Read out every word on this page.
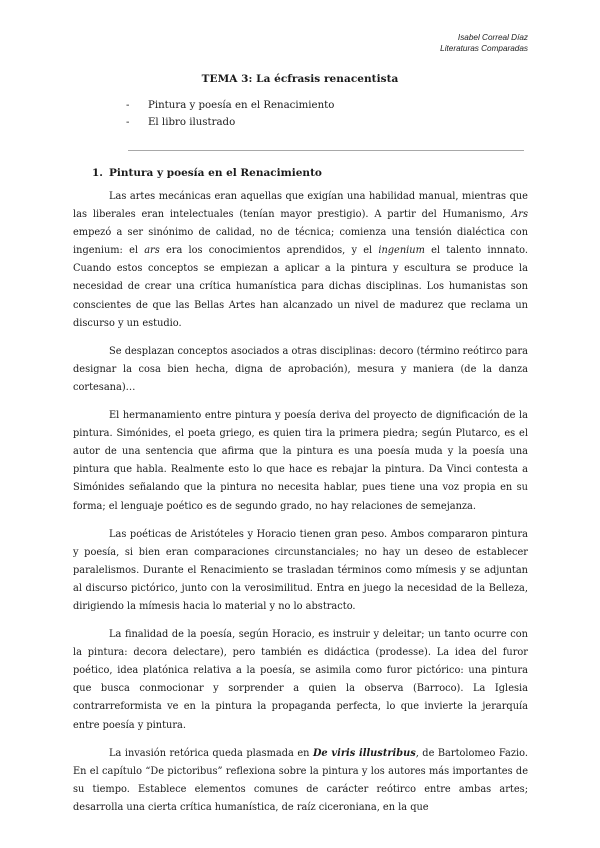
Isabel Correal Díaz
Literaturas Comparadas
TEMA 3: La écfrasis renacentista
- Pintura y poesía en el Renacimiento
- El libro ilustrado
1. Pintura y poesía en el Renacimiento

Las artes mecánicas eran aquellas que exigían una habilidad manual, mientras que las liberales eran intelectuales (tenían mayor prestigio). A partir del Humanismo, Ars empezó a ser sinónimo de calidad, no de técnica; comienza una tensión dialéctica con ingenium: el ars era los conocimientos aprendidos, y el ingenium el talento innnato. Cuando estos conceptos se empiezan a aplicar a la pintura y escultura se produce la necesidad de crear una crítica humanística para dichas disciplinas. Los humanistas son conscientes de que las Bellas Artes han alcanzado un nivel de madurez que reclama un discurso y un estudio.

Se desplazan conceptos asociados a otras disciplinas: decoro (término reótirco para designar la cosa bien hecha, digna de aprobación), mesura y maniera (de la danza cortesana)…

El hermanamiento entre pintura y poesía deriva del proyecto de dignificación de la pintura. Simónides, el poeta griego, es quien tira la primera piedra; según Plutarco, es el autor de una sentencia que afirma que la pintura es una poesía muda y la poesía una pintura que habla. Realmente esto lo que hace es rebajar la pintura. Da Vinci contesta a Simónides señalando que la pintura no necesita hablar, pues tiene una voz propia en su forma; el lenguaje poético es de segundo grado, no hay relaciones de semejanza.

Las poéticas de Aristóteles y Horacio tienen gran peso. Ambos compararon pintura y poesía, si bien eran comparaciones circunstanciales; no hay un deseo de establecer paralelismos. Durante el Renacimiento se trasladan términos como mímesis y se adjuntan al discurso pictórico, junto con la verosimilitud. Entra en juego la necesidad de la Belleza, dirigiendo la mímesis hacia lo material y no lo abstracto.

La finalidad de la poesía, según Horacio, es instruir y deleitar; un tanto ocurre con la pintura: decora delectare), pero también es didáctica (prodesse). La idea del furor poético, idea platónica relativa a la poesía, se asimila como furor pictórico: una pintura que busca conmocionar y sorprender a quien la observa (Barroco). La Iglesia contrarreformista ve en la pintura la propaganda perfecta, lo que invierte la jerarquía entre poesía y pintura.

La invasión retórica queda plasmada en De viris illustribus, de Bartolomeo Fazio. En el capítulo “De pictoribus” reflexiona sobre la pintura y los autores más importantes de su tiempo. Establece elementos comunes de carácter reótirco entre ambas artes; desarrolla una cierta crítica humanística, de raíz ciceroniana, en la que
